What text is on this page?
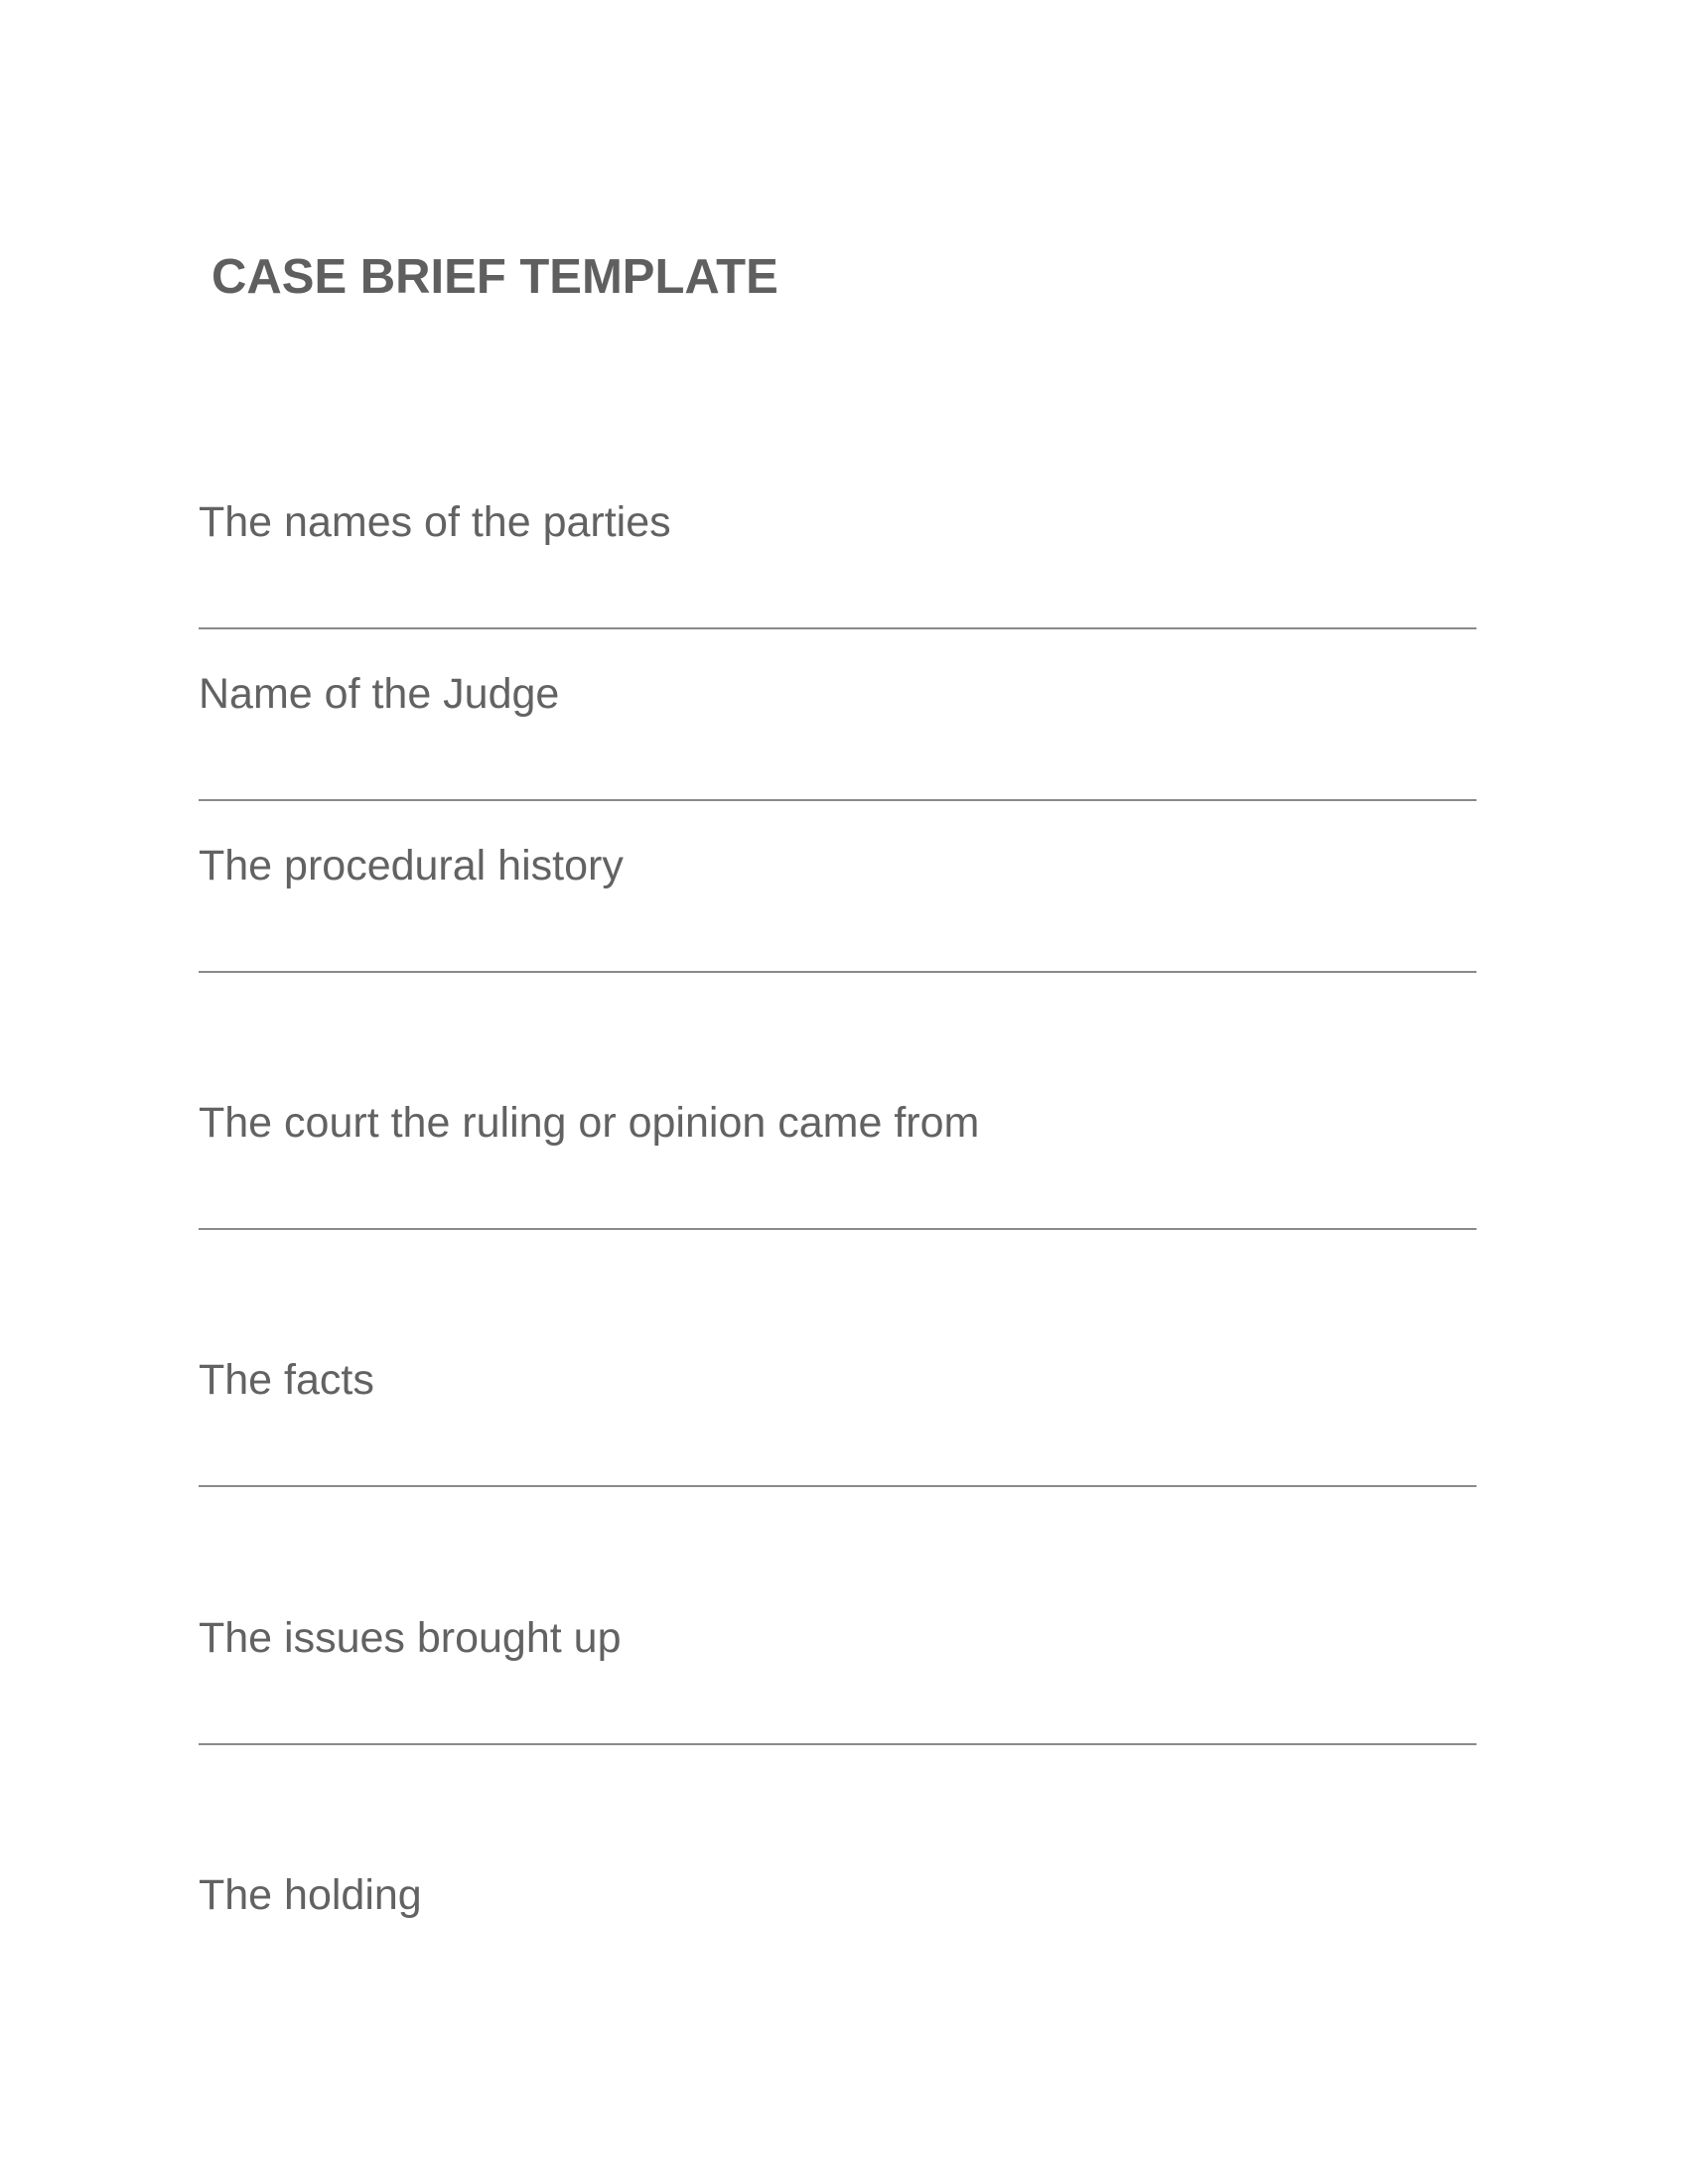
CASE BRIEF TEMPLATE
The names of the parties
Name of the Judge
The procedural history
The court the ruling or opinion came from
The facts
The issues brought up
The holding
